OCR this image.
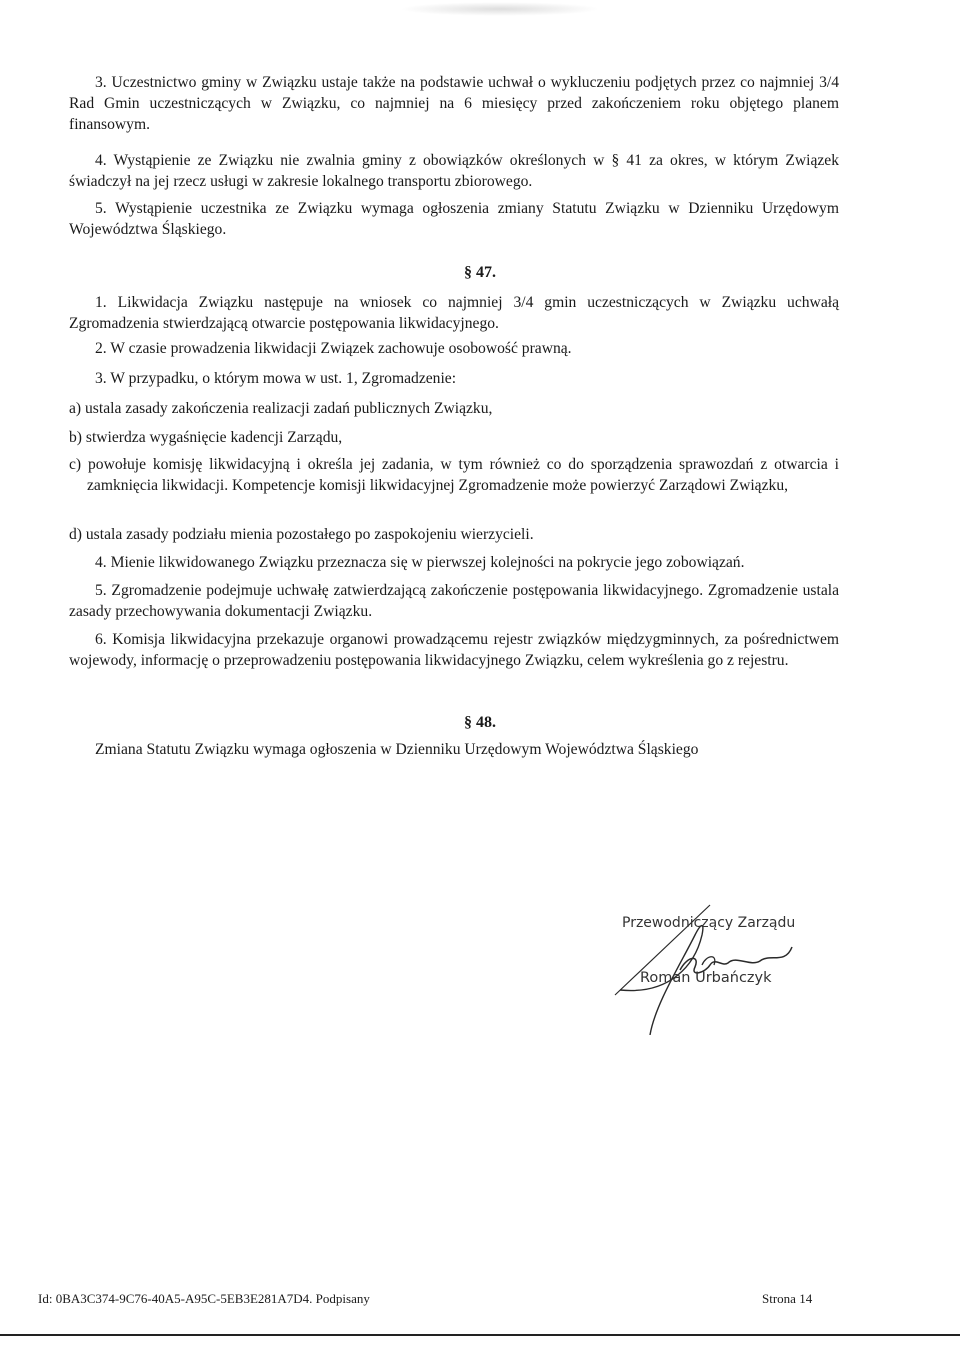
3. Uczestnictwo gminy w Związku ustaje także na podstawie uchwał o wykluczeniu podjętych przez co najmniej 3/4 Rad Gmin uczestniczących w Związku, co najmniej na 6 miesięcy przed zakończeniem roku objętego planem finansowym.
4. Wystąpienie ze Związku nie zwalnia gminy z obowiązków określonych w § 41 za okres, w którym Związek świadczył na jej rzecz usługi w zakresie lokalnego transportu zbiorowego.
5. Wystąpienie uczestnika ze Związku wymaga ogłoszenia zmiany Statutu Związku w Dzienniku Urzędowym Województwa Śląskiego.
§ 47.
1. Likwidacja Związku następuje na wniosek co najmniej 3/4 gmin uczestniczących w Związku uchwałą Zgromadzenia stwierdzającą otwarcie postępowania likwidacyjnego.
2. W czasie prowadzenia likwidacji Związek zachowuje osobowość prawną.
3. W przypadku, o którym mowa w ust. 1, Zgromadzenie:
a) ustala zasady zakończenia realizacji zadań publicznych Związku,
b) stwierdza wygaśnięcie kadencji Zarządu,
c) powołuje komisję likwidacyjną i określa jej zadania, w tym również co do sporządzenia sprawozdań z otwarcia i zamknięcia likwidacji. Kompetencje komisji likwidacyjnej Zgromadzenie może powierzyć Zarządowi Związku,
d) ustala zasady podziału mienia pozostałego po zaspokojeniu wierzycieli.
4. Mienie likwidowanego Związku przeznacza się w pierwszej kolejności na pokrycie jego zobowiązań.
5. Zgromadzenie podejmuje uchwałę zatwierdzającą zakończenie postępowania likwidacyjnego. Zgromadzenie ustala zasady przechowywania dokumentacji Związku.
6. Komisja likwidacyjna przekazuje organowi prowadzącemu rejestr związków międzygminnych, za pośrednictwem wojewody, informację o przeprowadzeniu postępowania likwidacyjnego Związku, celem wykreślenia go z rejestru.
§ 48.
Zmiana Statutu Związku wymaga ogłoszenia w Dzienniku Urzędowym Województwa Śląskiego
Przewodniczący Zarządu
Roman Urbańczyk
Id: 0BA3C374-9C76-40A5-A95C-5EB3E281A7D4. Podpisany	Strona 14
